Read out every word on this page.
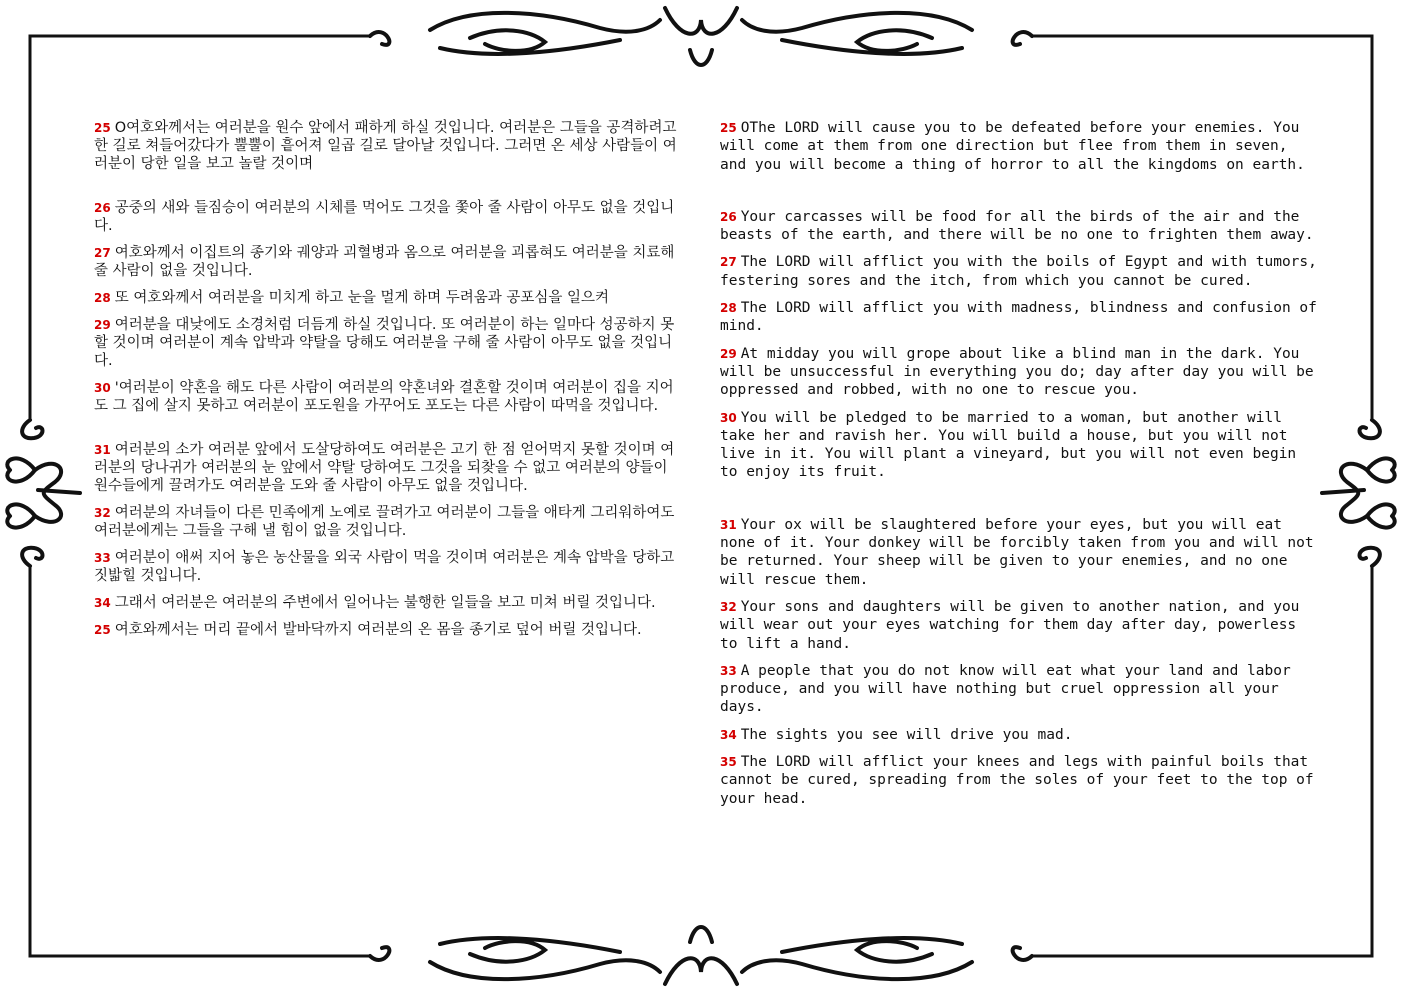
25 O여호와께서는 여러분을 원수 앞에서 패하게 하실 것입니다. 여러분은 그들을 공격하려고 한 길로 쳐들어갔다가 뿔뿔이 흩어져 일곱 길로 달아날 것입니다. 그러면 온 세상 사람들이 여러분이 당한 일을 보고 놀랄 것이며

26 공중의 새와 들짐승이 여러분의 시체를 먹어도 그것을 쫓아 줄 사람이 아무도 없을 것입니다.

27 여호와께서 이집트의 종기와 궤양과 괴혈병과 옴으로 여러분을 괴롭혀도 여러분을 치료해 줄 사람이 없을 것입니다.

28 또 여호와께서 여러분을 미치게 하고 눈을 멀게 하며 두려움과 공포심을 일으켜

29 여러분을 대낮에도 소경처럼 더듬게 하실 것입니다. 또 여러분이 하는 일마다 성공하지 못할 것이며 여러분이 계속 압박과 약탈을 당해도 여러분을 구해 줄 사람이 아무도 없을 것입니다.

30 '여러분이 약혼을 해도 다른 사람이 여러분의 약혼녀와 결혼할 것이며 여러분이 집을 지어도 그 집에 살지 못하고 여러분이 포도원을 가꾸어도 포도는 다른 사람이 따먹을 것입니다.

31 여러분의 소가 여러분 앞에서 도살당하여도 여러분은 고기 한 점 얻어먹지 못할 것이며 여러분의 당나귀가 여러분의 눈 앞에서 약탈 당하여도 그것을 되찾을 수 없고 여러분의 양들이 원수들에게 끌려가도 여러분을 도와 줄 사람이 아무도 없을 것입니다.

32 여러분의 자녀들이 다른 민족에게 노예로 끌려가고 여러분이 그들을 애타게 그리워하여도 여러분에게는 그들을 구해 낼 힘이 없을 것입니다.

33 여러분이 애써 지어 놓은 농산물을 외국 사람이 먹을 것이며 여러분은 계속 압박을 당하고 짓밟힐 것입니다.

34 그래서 여러분은 여러분의 주변에서 일어나는 불행한 일들을 보고 미쳐 버릴 것입니다.

25 여호와께서는 머리 끝에서 발바닥까지 여러분의 온 몸을 종기로 덮어 버릴 것입니다.

25 OThe LORD will cause you to be defeated before your enemies. You will come at them from one direction but flee from them in seven, and you will become a thing of horror to all the kingdoms on earth.

26 Your carcasses will be food for all the birds of the air and the beasts of the earth, and there will be no one to frighten them away.

27 The LORD will afflict you with the boils of Egypt and with tumors, festering sores and the itch, from which you cannot be cured.

28 The LORD will afflict you with madness, blindness and confusion of mind.

29 At midday you will grope about like a blind man in the dark. You will be unsuccessful in everything you do; day after day you will be oppressed and robbed, with no one to rescue you.

30 You will be pledged to be married to a woman, but another will take her and ravish her. You will build a house, but you will not live in it. You will plant a vineyard, but you will not even begin to enjoy its fruit.

31 Your ox will be slaughtered before your eyes, but you will eat none of it. Your donkey will be forcibly taken from you and will not be returned. Your sheep will be given to your enemies, and no one will rescue them.

32 Your sons and daughters will be given to another nation, and you will wear out your eyes watching for them day after day, powerless to lift a hand.

33 A people that you do not know will eat what your land and labor produce, and you will have nothing but cruel oppression all your days.

34 The sights you see will drive you mad.

35 The LORD will afflict your knees and legs with painful boils that cannot be cured, spreading from the soles of your feet to the top of your head.
